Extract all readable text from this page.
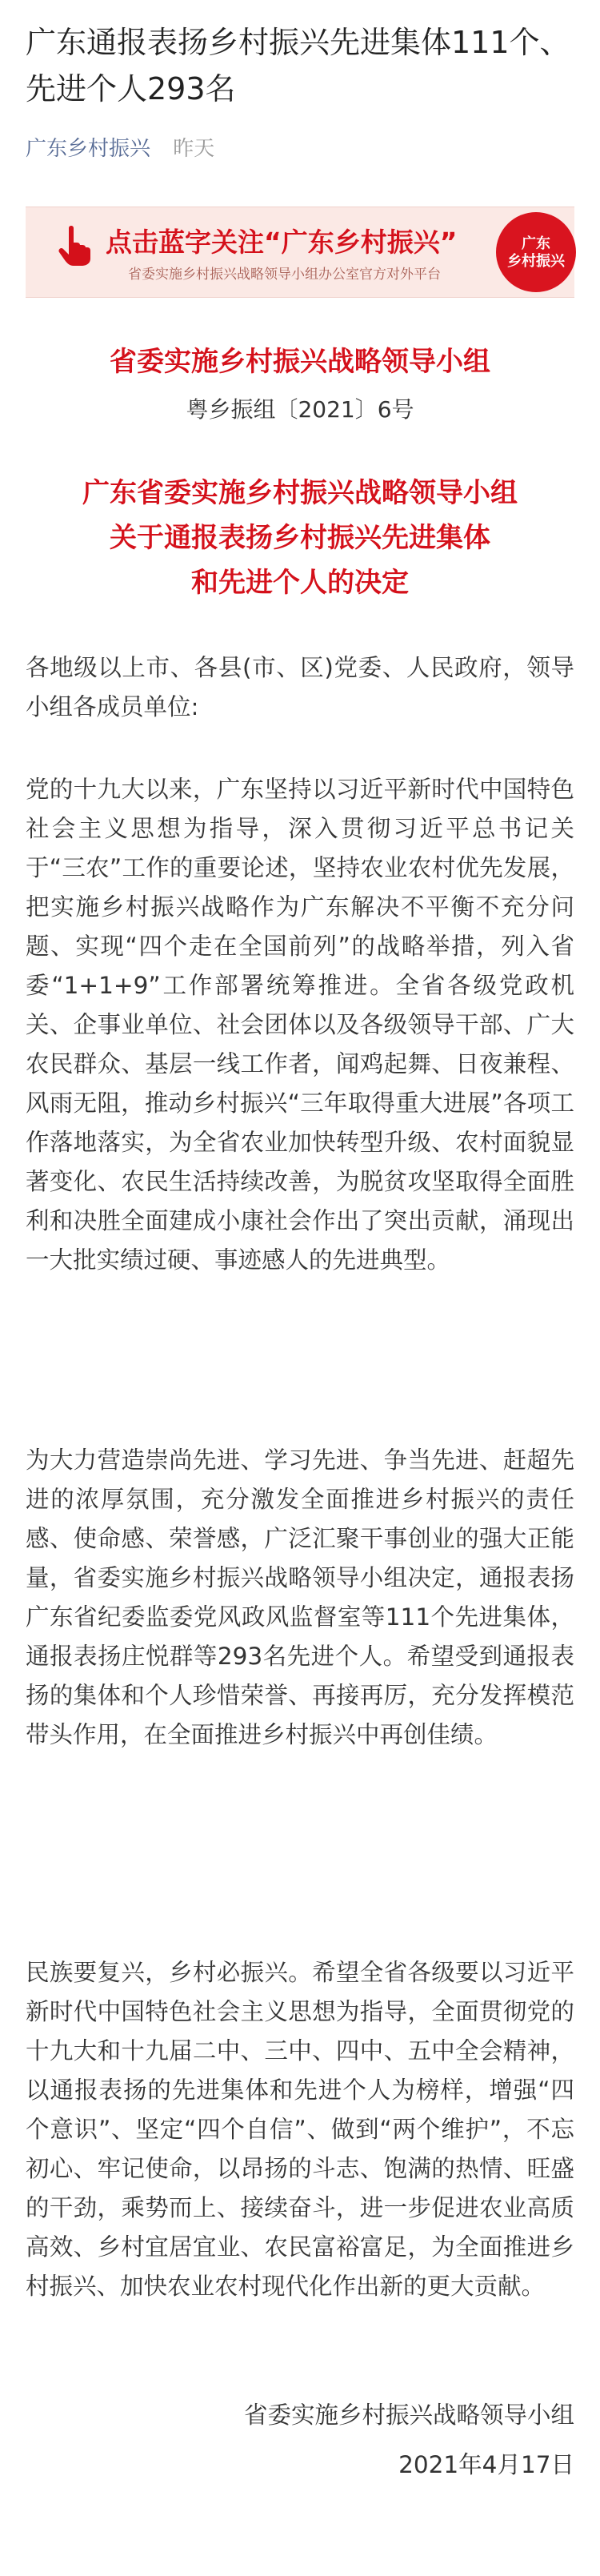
广东通报表扬乡村振兴先进集体111个、先进个人293名
广东乡村振兴 昨天
点击蓝字关注“广东乡村振兴”
省委实施乡村振兴战略领导小组办公室官方对外平台
广东
乡村振兴
省委实施乡村振兴战略领导小组
粤乡振组〔2021〕6号
广东省委实施乡村振兴战略领导小组
关于通报表扬乡村振兴先进集体
和先进个人的决定

各地级以上市、各县(市、区)党委、人民政府，领导小组各成员单位:

党的十九大以来，广东坚持以习近平新时代中国特色社会主义思想为指导，深入贯彻习近平总书记关于“三农”工作的重要论述，坚持农业农村优先发展，把实施乡村振兴战略作为广东解决不平衡不充分问题、实现“四个走在全国前列”的战略举措，列入省委“1+1+9”工作部署统筹推进。全省各级党政机关、企事业单位、社会团体以及各级领导干部、广大农民群众、基层一线工作者，闻鸡起舞、日夜兼程、风雨无阻，推动乡村振兴“三年取得重大进展”各项工作落地落实，为全省农业加快转型升级、农村面貌显著变化、农民生活持续改善，为脱贫攻坚取得全面胜利和决胜全面建成小康社会作出了突出贡献，涌现出一大批实绩过硬、事迹感人的先进典型。

为大力营造崇尚先进、学习先进、争当先进、赶超先进的浓厚氛围，充分激发全面推进乡村振兴的责任感、使命感、荣誉感，广泛汇聚干事创业的强大正能量，省委实施乡村振兴战略领导小组决定，通报表扬广东省纪委监委党风政风监督室等111个先进集体，通报表扬庄悦群等293名先进个人。希望受到通报表扬的集体和个人珍惜荣誉、再接再厉，充分发挥模范带头作用，在全面推进乡村振兴中再创佳绩。

民族要复兴，乡村必振兴。希望全省各级要以习近平新时代中国特色社会主义思想为指导，全面贯彻党的十九大和十九届二中、三中、四中、五中全会精神，以通报表扬的先进集体和先进个人为榜样，增强“四个意识”、坚定“四个自信”、做到“两个维护”，不忘初心、牢记使命，以昂扬的斗志、饱满的热情、旺盛的干劲，乘势而上、接续奋斗，进一步促进农业高质高效、乡村宜居宜业、农民富裕富足，为全面推进乡村振兴、加快农业农村现代化作出新的更大贡献。

省委实施乡村振兴战略领导小组
2021年4月17日
